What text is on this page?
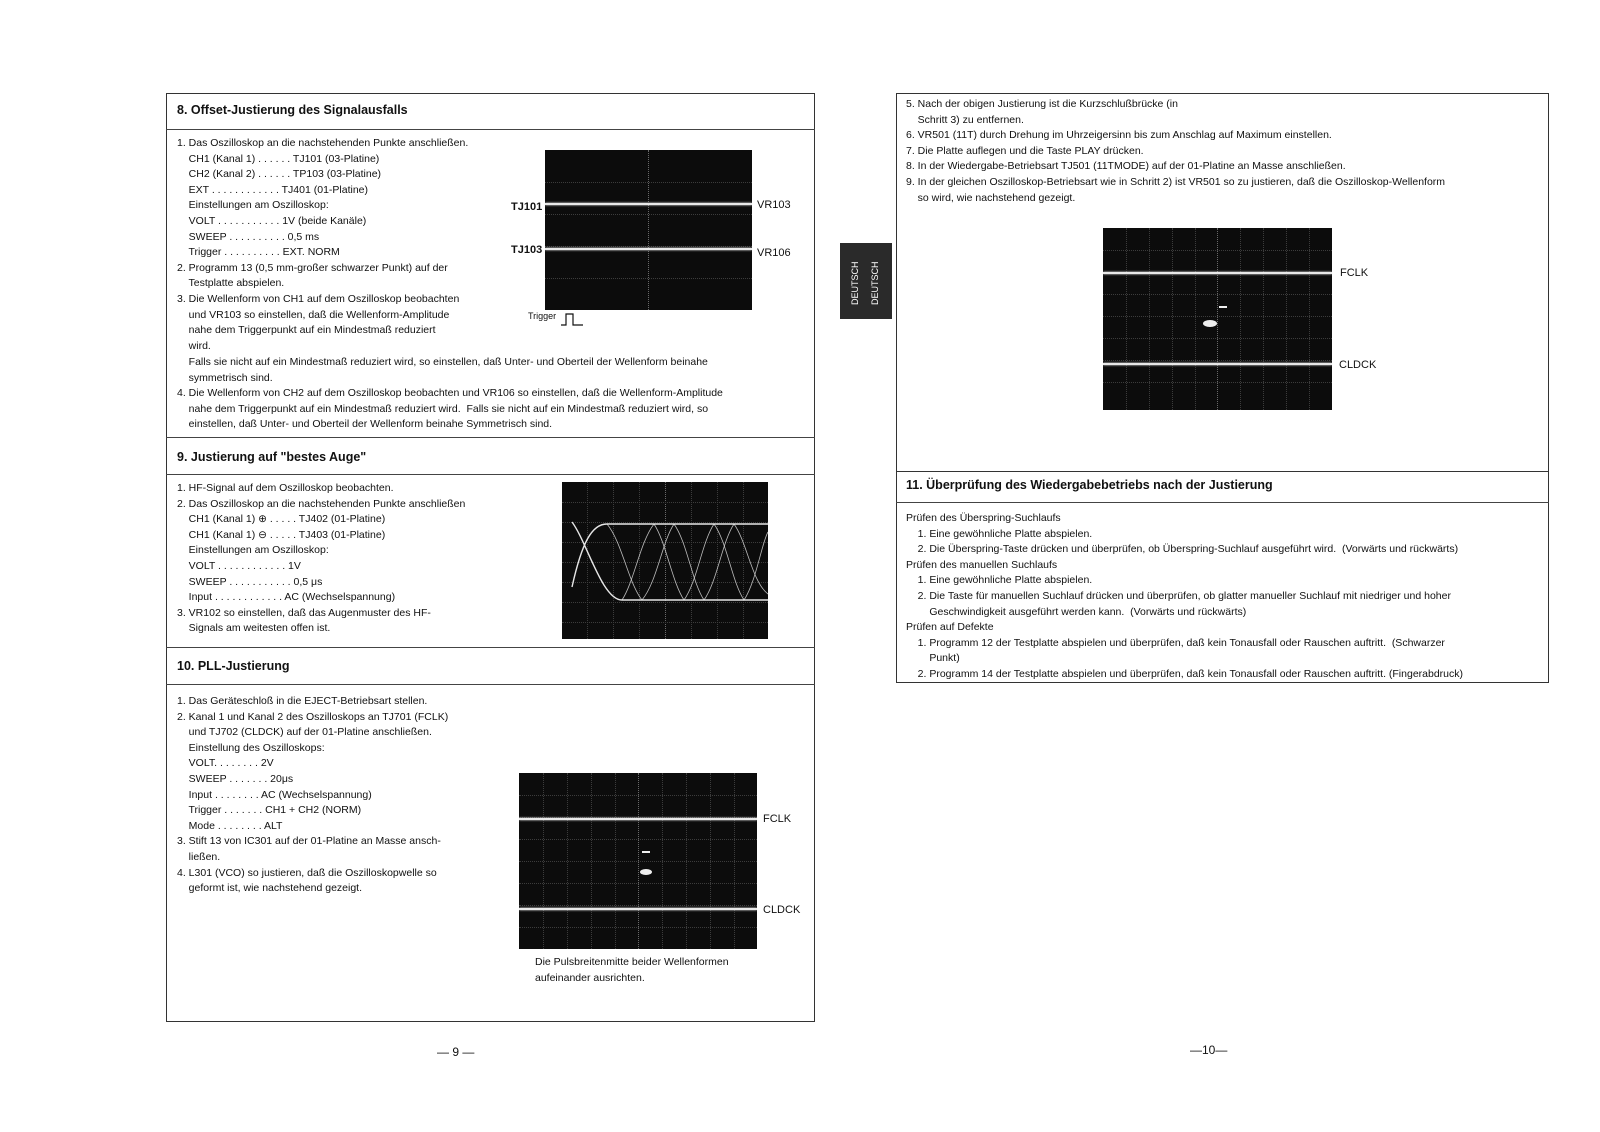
8. Offset-Justierung des Signalausfalls
1. Das Oszilloskop an die nachstehenden Punkte anschließen.
CH1 (Kanal 1) . . . . . . TJ101 (03-Platine)
CH2 (Kanal 2) . . . . . . TP103 (03-Platine)
EXT . . . . . . . . . . . . TJ401 (01-Platine)
Einstellungen am Oszilloskop:
VOLT . . . . . . . . . . . 1V (beide Kanäle)
SWEEP . . . . . . . . . . 0,5 ms
Trigger . . . . . . . . . . EXT. NORM
2. Programm 13 (0,5 mm-großer schwarzer Punkt) auf der
Testplatte abspielen.
3. Die Wellenform von CH1 auf dem Oszilloskop beobachten
und VR103 so einstellen, daß die Wellenform-Amplitude
nahe dem Triggerpunkt auf ein Mindestmaß reduziert
wird.
Falls sie nicht auf ein Mindestmaß reduziert wird, so einstellen, daß Unter- und Oberteil der Wellenform beinahe
symmetrisch sind.
4. Die Wellenform von CH2 auf dem Oszilloskop beobachten und VR106 so einstellen, daß die Wellenform-Amplitude
nahe dem Triggerpunkt auf ein Mindestmaß reduziert wird.  Falls sie nicht auf ein Mindestmaß reduziert wird, so
einstellen, daß Unter- und Oberteil der Wellenform beinahe Symmetrisch sind.
TJ101
TJ103
VR103
VR106
Trigger
9. Justierung auf "bestes Auge"
1. HF-Signal auf dem Oszilloskop beobachten.
2. Das Oszilloskop an die nachstehenden Punkte anschließen
CH1 (Kanal 1) ⊕ . . . . . TJ402 (01-Platine)
CH1 (Kanal 1) ⊖ . . . . . TJ403 (01-Platine)
Einstellungen am Oszilloskop:
VOLT . . . . . . . . . . . . 1V
SWEEP . . . . . . . . . . . 0,5 μs
Input . . . . . . . . . . . . AC (Wechselspannung)
3. VR102 so einstellen, daß das Augenmuster des HF-
Signals am weitesten offen ist.
10. PLL-Justierung
1. Das Geräteschloß in die EJECT-Betriebsart stellen.
2. Kanal 1 und Kanal 2 des Oszilloskops an TJ701 (FCLK)
und TJ702 (CLDCK) auf der 01-Platine anschließen.
Einstellung des Oszilloskops:
VOLT. . . . . . . . 2V
SWEEP . . . . . . . 20μs
Input . . . . . . . . AC (Wechselspannung)
Trigger . . . . . . . CH1 + CH2 (NORM)
Mode . . . . . . . . ALT
3. Stift 13 von IC301 auf der 01-Platine an Masse ansch-
ließen.
4. L301 (VCO) so justieren, daß die Oszilloskopwelle so
geformt ist, wie nachstehend gezeigt.
FCLK
CLDCK
Die Pulsbreitenmitte beider Wellenformen
aufeinander ausrichten.
— 9 —
DEUTSCH DEUTSCH
5. Nach der obigen Justierung ist die Kurzschlußbrücke (in
Schritt 3) zu entfernen.
6. VR501 (11T) durch Drehung im Uhrzeigersinn bis zum Anschlag auf Maximum einstellen.
7. Die Platte auflegen und die Taste PLAY drücken.
8. In der Wiedergabe-Betriebsart TJ501 (11TMODE) auf der 01-Platine an Masse anschließen.
9. In der gleichen Oszilloskop-Betriebsart wie in Schritt 2) ist VR501 so zu justieren, daß die Oszilloskop-Wellenform
so wird, wie nachstehend gezeigt.
FCLK
CLDCK
11. Überprüfung des Wiedergabebetriebs nach der Justierung
Prüfen des Überspring-Suchlaufs
1. Eine gewöhnliche Platte abspielen.
2. Die Überspring-Taste drücken und überprüfen, ob Überspring-Suchlauf ausgeführt wird.  (Vorwärts und rückwärts)
Prüfen des manuellen Suchlaufs
1. Eine gewöhnliche Platte abspielen.
2. Die Taste für manuellen Suchlauf drücken und überprüfen, ob glatter manueller Suchlauf mit niedriger und hoher
Geschwindigkeit ausgeführt werden kann.  (Vorwärts und rückwärts)
Prüfen auf Defekte
1. Programm 12 der Testplatte abspielen und überprüfen, daß kein Tonausfall oder Rauschen auftritt.  (Schwarzer
Punkt)
2. Programm 14 der Testplatte abspielen und überprüfen, daß kein Tonausfall oder Rauschen auftritt. (Fingerabdruck)
—10—
